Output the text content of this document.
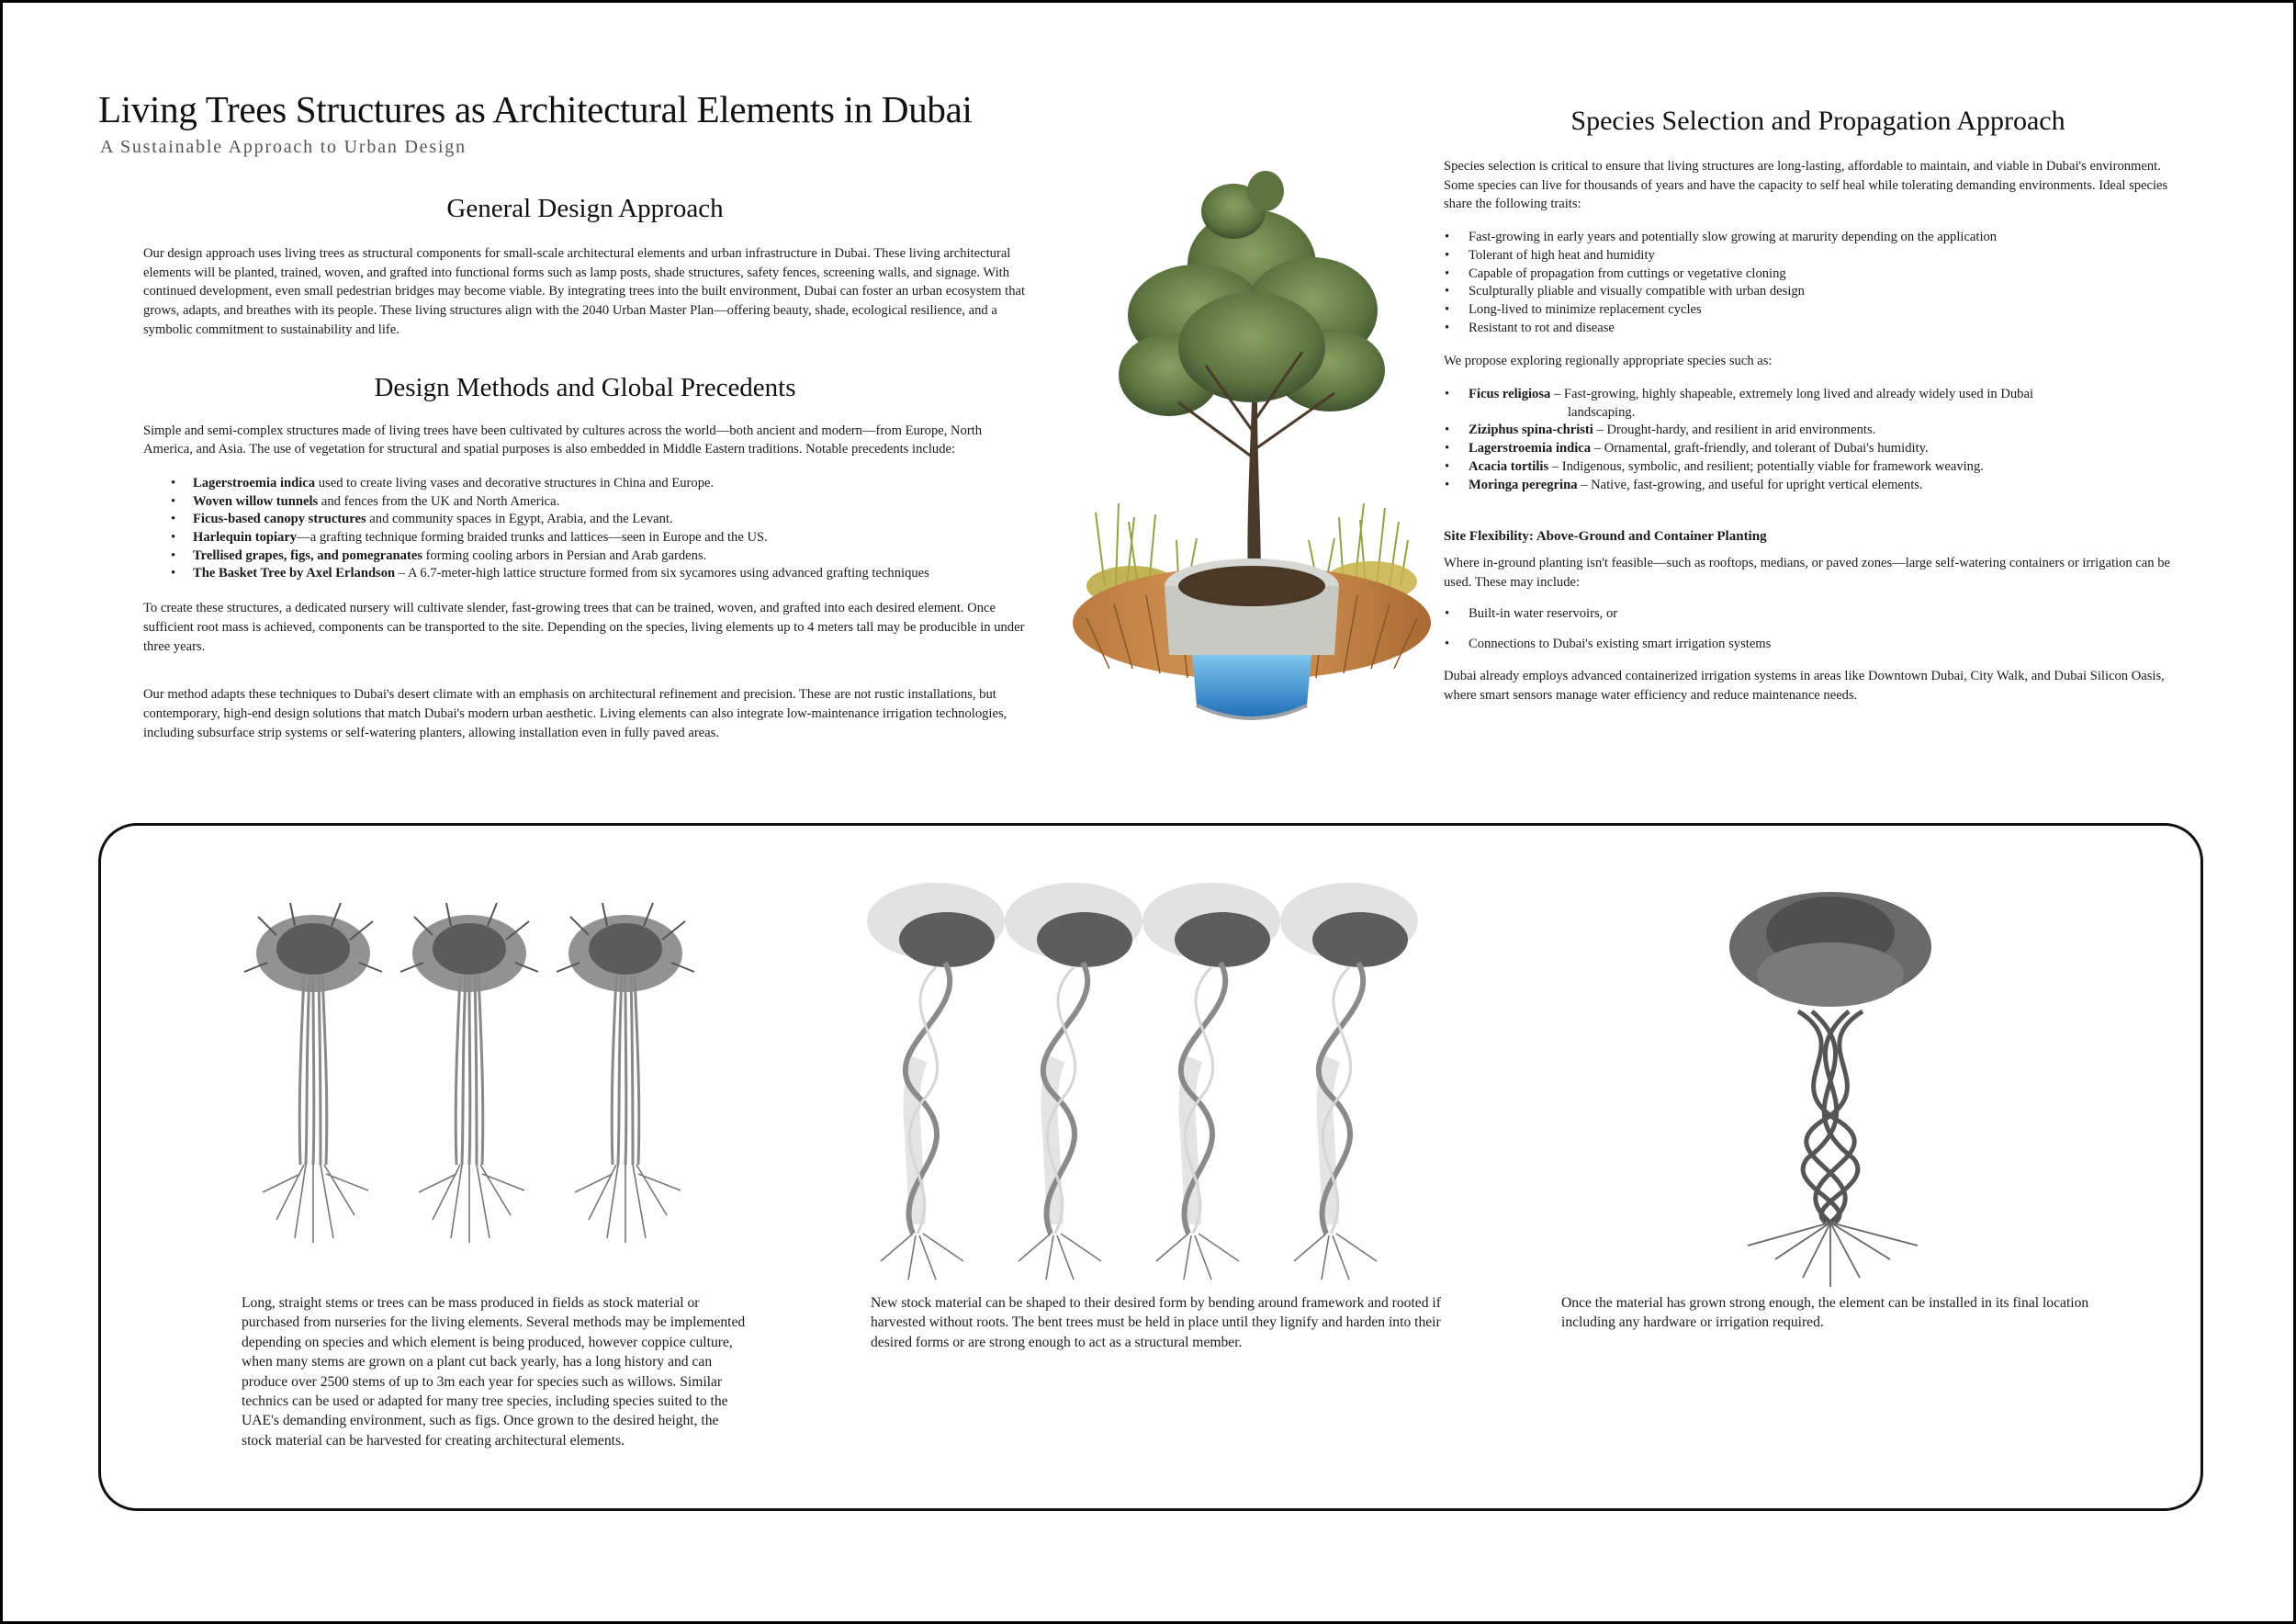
Living Trees Structures as Architectural Elements in Dubai
A Sustainable Approach to Urban Design
General Design Approach

Our design approach uses living trees as structural components for small-scale architectural elements and urban infrastructure in Dubai. These living architectural elements will be planted, trained, woven, and grafted into functional forms such as lamp posts, shade structures, safety fences, screening walls, and signage. With continued development, even small pedestrian bridges may become viable. By integrating trees into the built environment, Dubai can foster an urban ecosystem that grows, adapts, and breathes with its people. These living structures align with the 2040 Urban Master Plan—offering beauty, shade, ecological resilience, and a symbolic commitment to sustainability and life.

Design Methods and Global Precedents

Simple and semi-complex structures made of living trees have been cultivated by cultures across the world—both ancient and modern—from Europe, North America, and Asia. The use of vegetation for structural and spatial purposes is also embedded in Middle Eastern traditions. Notable precedents include:

• Lagerstroemia indica used to create living vases and decorative structures in China and Europe.
• Woven willow tunnels and fences from the UK and North America.
• Ficus-based canopy structures and community spaces in Egypt, Arabia, and the Levant.
• Harlequin topiary—a grafting technique forming braided trunks and lattices—seen in Europe and the US.
• Trellised grapes, figs, and pomegranates forming cooling arbors in Persian and Arab gardens.
• The Basket Tree by Axel Erlandson – A 6.7-meter-high lattice structure formed from six sycamores using advanced grafting techniques

To create these structures, a dedicated nursery will cultivate slender, fast-growing trees that can be trained, woven, and grafted into each desired element. Once sufficient root mass is achieved, components can be transported to the site. Depending on the species, living elements up to 4 meters tall may be producible in under three years.

Our method adapts these techniques to Dubai's desert climate with an emphasis on architectural refinement and precision. These are not rustic installations, but contemporary, high-end design solutions that match Dubai's modern urban aesthetic. Living elements can also integrate low-maintenance irrigation technologies, including subsurface strip systems or self-watering planters, allowing installation even in fully paved areas.

Species Selection and Propagation Approach

Species selection is critical to ensure that living structures are long-lasting, affordable to maintain, and viable in Dubai's environment. Some species can live for thousands of years and have the capacity to self heal while tolerating demanding environments. Ideal species share the following traits:

• Fast-growing in early years and potentially slow growing at marurity depending on the application
• Tolerant of high heat and humidity
• Capable of propagation from cuttings or vegetative cloning
• Sculpturally pliable and visually compatible with urban design
• Long-lived to minimize replacement cycles
• Resistant to rot and disease

We propose exploring regionally appropriate species such as:

• Ficus religiosa – Fast-growing, highly shapeable, extremely long lived and already widely used in Dubai
landscaping.
• Ziziphus spina-christi – Drought-hardy, and resilient in arid environments.
• Lagerstroemia indica – Ornamental, graft-friendly, and tolerant of Dubai's humidity.
• Acacia tortilis – Indigenous, symbolic, and resilient; potentially viable for framework weaving.
• Moringa peregrina – Native, fast-growing, and useful for upright vertical elements.
Site Flexibility: Above-Ground and Container Planting

Where in-ground planting isn't feasible—such as rooftops, medians, or paved zones—large self-watering containers or irrigation can be used. These may include:

• Built-in water reservoirs, or
• Connections to Dubai's existing smart irrigation systems

Dubai already employs advanced containerized irrigation systems in areas like Downtown Dubai, City Walk, and Dubai Silicon Oasis, where smart sensors manage water efficiency and reduce maintenance needs.

Long, straight stems or trees can be mass produced in fields as stock material or purchased from nurseries for the living elements. Several methods may be implemented depending on species and which element is being produced, however coppice culture, when many stems are grown on a plant cut back yearly, has a long history and can produce over 2500 stems of up to 3m each year for species such as willows. Similar technics can be used or adapted for many tree species, including species suited to the UAE's demanding environment, such as figs. Once grown to the desired height, the stock material can be harvested for creating architectural elements.

New stock material can be shaped to their desired form by bending around framework and rooted if harvested without roots. The bent trees must be held in place until they lignify and harden into their desired forms or are strong enough to act as a structural member.

Once the material has grown strong enough, the element can be installed in its final location including any hardware or irrigation required.
